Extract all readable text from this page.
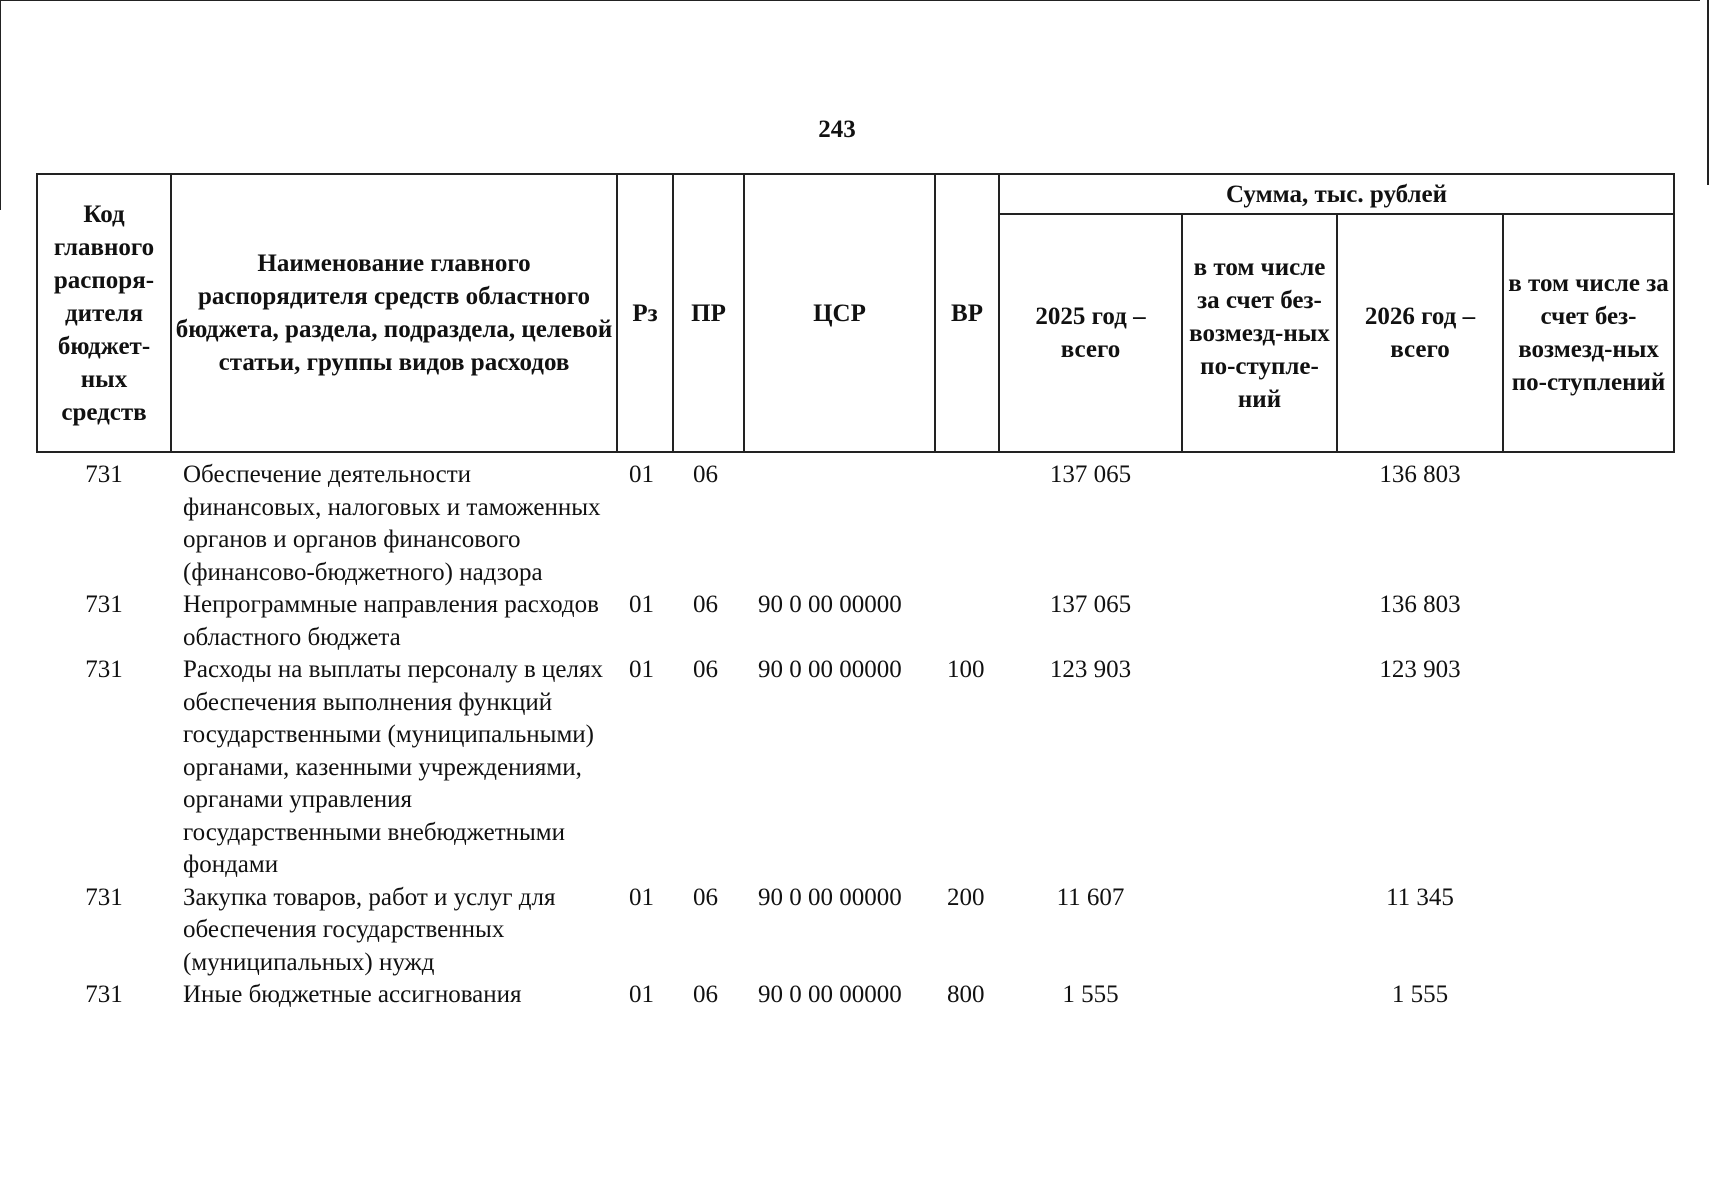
243
Код главного распоря-дителя бюджет-ных средств	Наименование главного распорядителя средств областного бюджета, раздела, подраздела, целевой статьи, группы видов расходов	Рз	ПР	ЦСР	ВР	Сумма, тыс. рублей			
						2025 год – всего	в том числе за счет без-возмезд-ных по-ступле-ний	2026 год – всего	в том числе за счет без-возмезд-ных по-ступлений
731	Обеспечение деятельности финансовых, налоговых и таможенных органов и органов финансового (финансово-бюджетного) надзора	01	06			137 065		136 803	
731	Непрограммные направления расходов областного бюджета	01	06	90 0 00 00000		137 065		136 803	
731	Расходы на выплаты персоналу в целях обеспечения выполнения функций государственными (муниципальными) органами, казенными учреждениями, органами управления государственными внебюджетными фондами	01	06	90 0 00 00000	100	123 903		123 903	
731	Закупка товаров, работ и услуг для обеспечения государственных (муниципальных) нужд	01	06	90 0 00 00000	200	11 607		11 345	
731	Иные бюджетные ассигнования	01	06	90 0 00 00000	800	1 555		1 555	
